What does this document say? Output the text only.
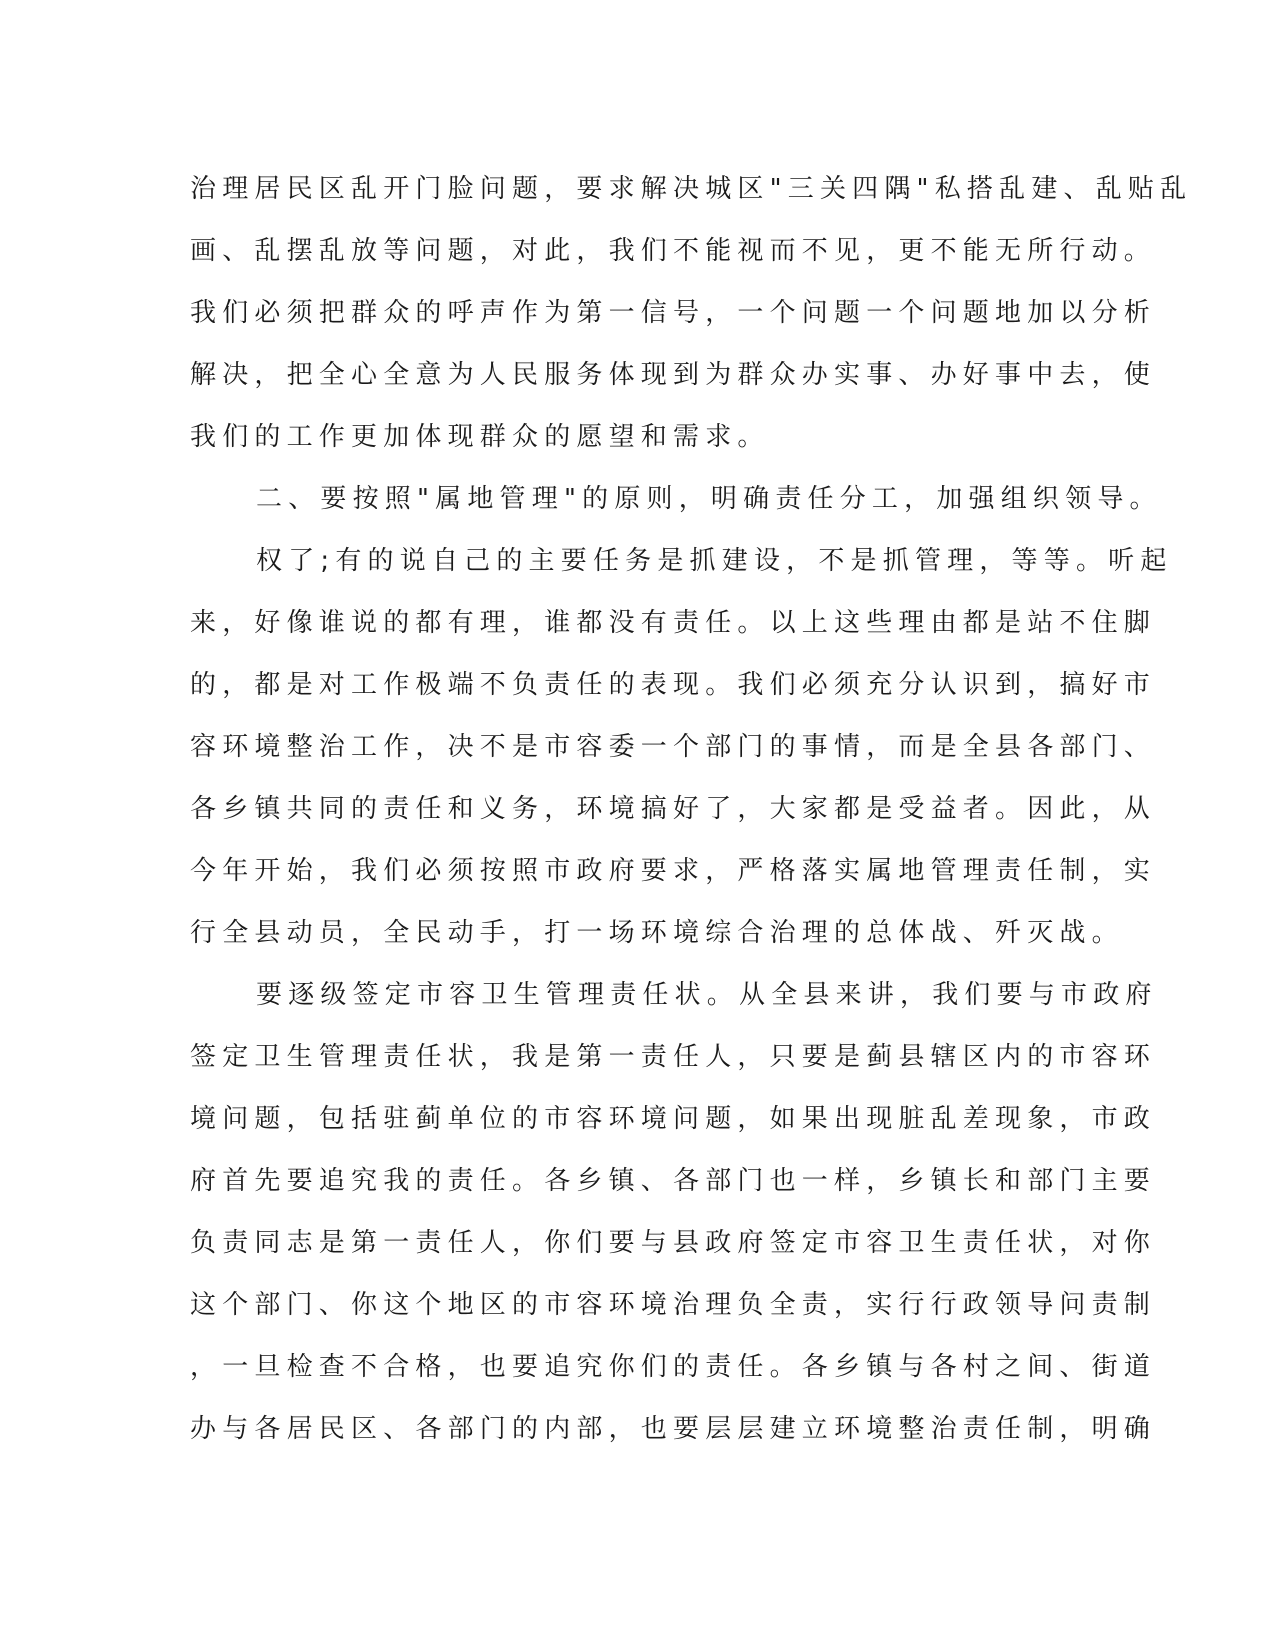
治理居民区乱开门脸问题，要求解决城区"三关四隅"私搭乱建、乱贴乱
画、乱摆乱放等问题，对此，我们不能视而不见，更不能无所行动。
我们必须把群众的呼声作为第一信号，一个问题一个问题地加以分析
解决，把全心全意为人民服务体现到为群众办实事、办好事中去，使
我们的工作更加体现群众的愿望和需求。
二、要按照"属地管理"的原则，明确责任分工，加强组织领导。
权了;有的说自己的主要任务是抓建设，不是抓管理，等等。听起
来，好像谁说的都有理，谁都没有责任。以上这些理由都是站不住脚
的，都是对工作极端不负责任的表现。我们必须充分认识到，搞好市
容环境整治工作，决不是市容委一个部门的事情，而是全县各部门、
各乡镇共同的责任和义务，环境搞好了，大家都是受益者。因此，从
今年开始，我们必须按照市政府要求，严格落实属地管理责任制，实
行全县动员，全民动手，打一场环境综合治理的总体战、歼灭战。
要逐级签定市容卫生管理责任状。从全县来讲，我们要与市政府
签定卫生管理责任状，我是第一责任人，只要是蓟县辖区内的市容环
境问题，包括驻蓟单位的市容环境问题，如果出现脏乱差现象，市政
府首先要追究我的责任。各乡镇、各部门也一样，乡镇长和部门主要
负责同志是第一责任人，你们要与县政府签定市容卫生责任状，对你
这个部门、你这个地区的市容环境治理负全责，实行行政领导问责制
，一旦检查不合格，也要追究你们的责任。各乡镇与各村之间、街道
办与各居民区、各部门的内部，也要层层建立环境整治责任制，明确
